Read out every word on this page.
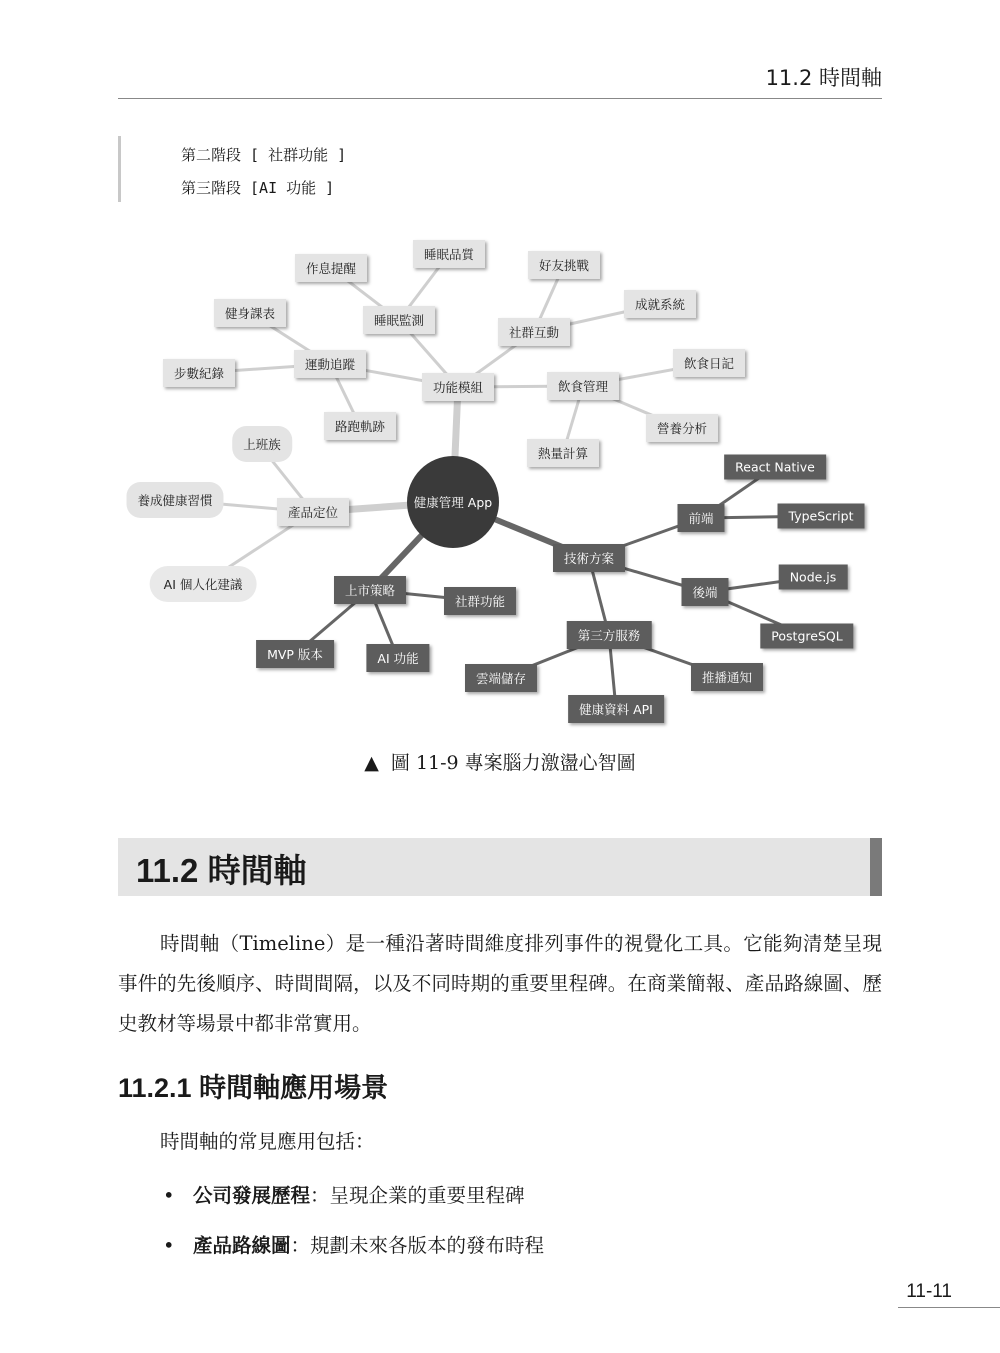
11.2 時間軸
第二階段 [ 社群功能 ]
第三階段 [AI 功能 ]
健康管理 App
功能模組
睡眠品質
作息提醒
睡眠監測
好友挑戰
成就系統
社群互動
健身課表
步數紀錄
運動追蹤
路跑軌跡
飲食日記
飲食管理
營養分析
熱量計算
上班族
養成健康習慣
產品定位
AI 個人化建議
React Native
TypeScript
前端
技術方案
Node.js
後端
PostgreSQL
上市策略
社群功能
MVP 版本	AI 功能
第三方服務
雲端儲存	推播通知
健康資料 API
▲ 圖 11-9 專案腦力激盪心智圖
11.2 時間軸

時間軸（Timeline）是一種沿著時間維度排列事件的視覺化工具。它能夠清楚呈現事件的先後順序、時間間隔，以及不同時期的重要里程碑。在商業簡報、產品路線圖、歷史教材等場景中都非常實用。

11.2.1 時間軸應用場景
時間軸的常見應用包括：
• 公司發展歷程：呈現企業的重要里程碑
• 產品路線圖：規劃未來各版本的發布時程
11-11
